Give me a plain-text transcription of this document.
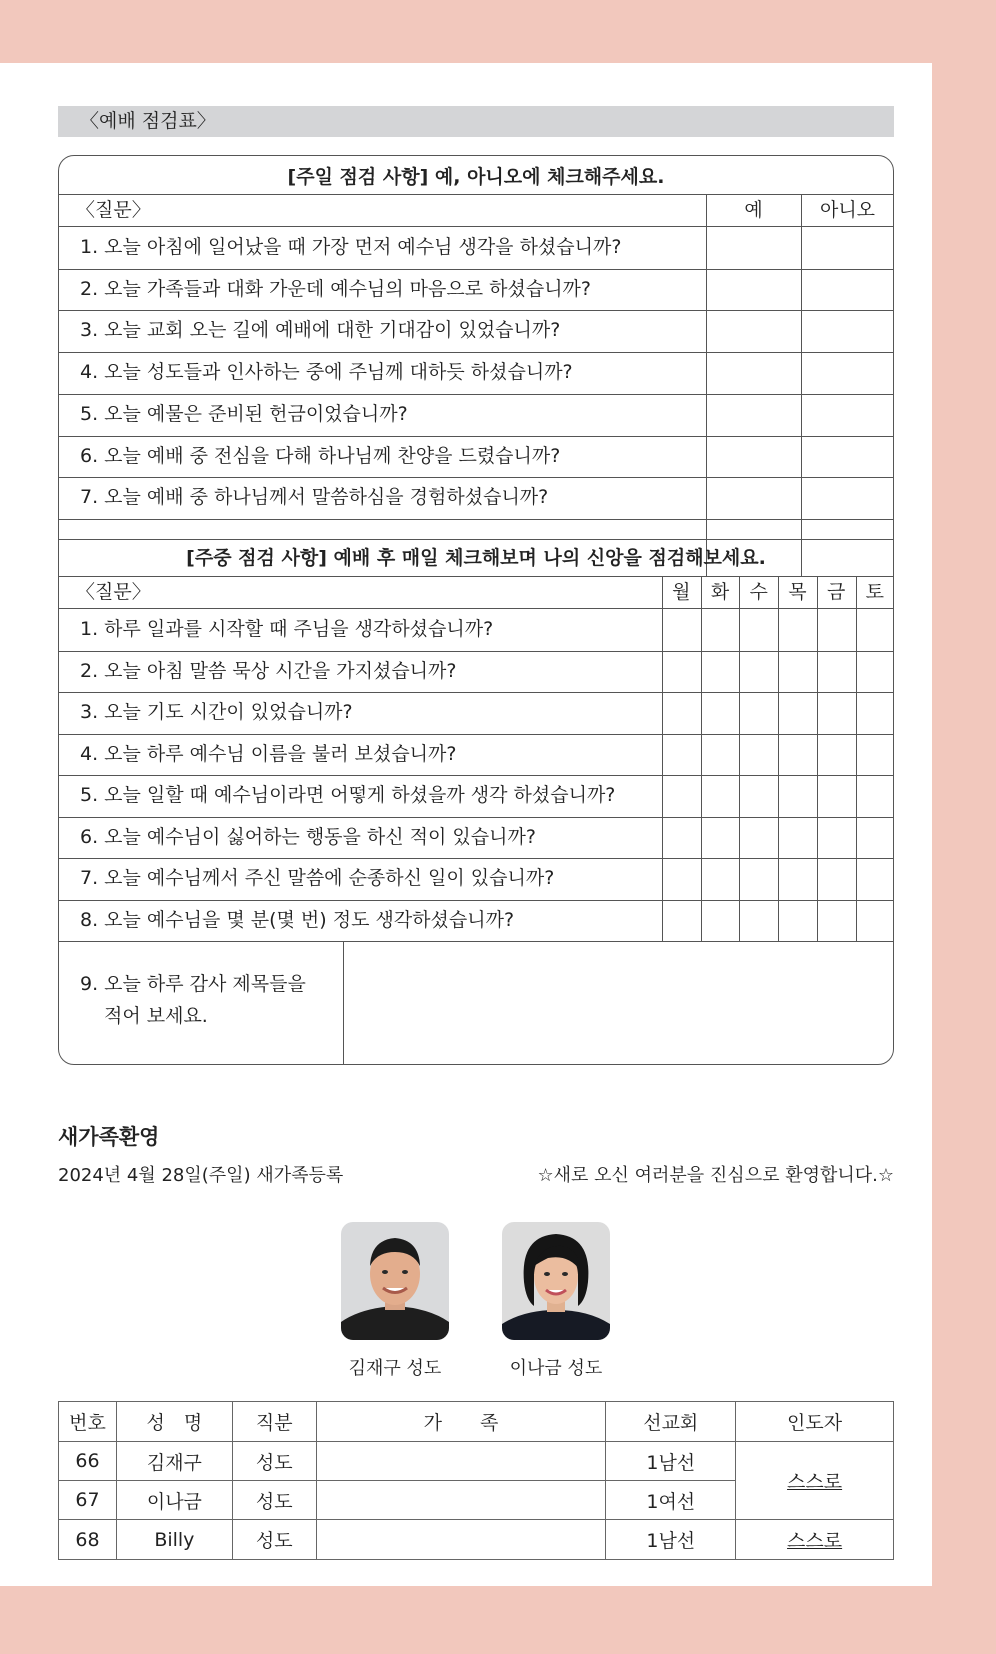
〈예배 점검표〉
[주일 점검 사항] 예, 아니오에 체크해주세요.
〈질문〉	예	아니오
1. 오늘 아침에 일어났을 때 가장 먼저 예수님 생각을 하셨습니까?
2. 오늘 가족들과 대화 가운데 예수님의 마음으로 하셨습니까?
3. 오늘 교회 오는 길에 예배에 대한 기대감이 있었습니까?
4. 오늘 성도들과 인사하는 중에 주님께 대하듯 하셨습니까?
5. 오늘 예물은 준비된 헌금이었습니까?
6. 오늘 예배 중 전심을 다해 하나님께 찬양을 드렸습니까?
7. 오늘 예배 중 하나님께서 말씀하심을 경험하셨습니까?
[주중 점검 사항] 예배 후 매일 체크해보며 나의 신앙을 점검해보세요.
〈질문〉	월	화	수	목	금	토
1. 하루 일과를 시작할 때 주님을 생각하셨습니까?
2. 오늘 아침 말씀 묵상 시간을 가지셨습니까?
3. 오늘 기도 시간이 있었습니까?
4. 오늘 하루 예수님 이름을 불러 보셨습니까?
5. 오늘 일할 때 예수님이라면 어떻게 하셨을까 생각 하셨습니까?
6. 오늘 예수님이 싫어하는 행동을 하신 적이 있습니까?
7. 오늘 예수님께서 주신 말씀에 순종하신 일이 있습니까?
8. 오늘 예수님을 몇 분(몇 번) 정도 생각하셨습니까?
9. 오늘 하루 감사 제목들을
적어 보세요.
새가족환영
2024년 4월 28일(주일) 새가족등록	☆새로 오신 여러분을 진심으로 환영합니다.☆
김재구 성도	이나금 성도
번호	성　명	직분	가　　족	선교회	인도자
66	김재구	성도		1남선	스스로
67	이나금	성도		1여선	
68	Billy	성도		1남선	스스로
